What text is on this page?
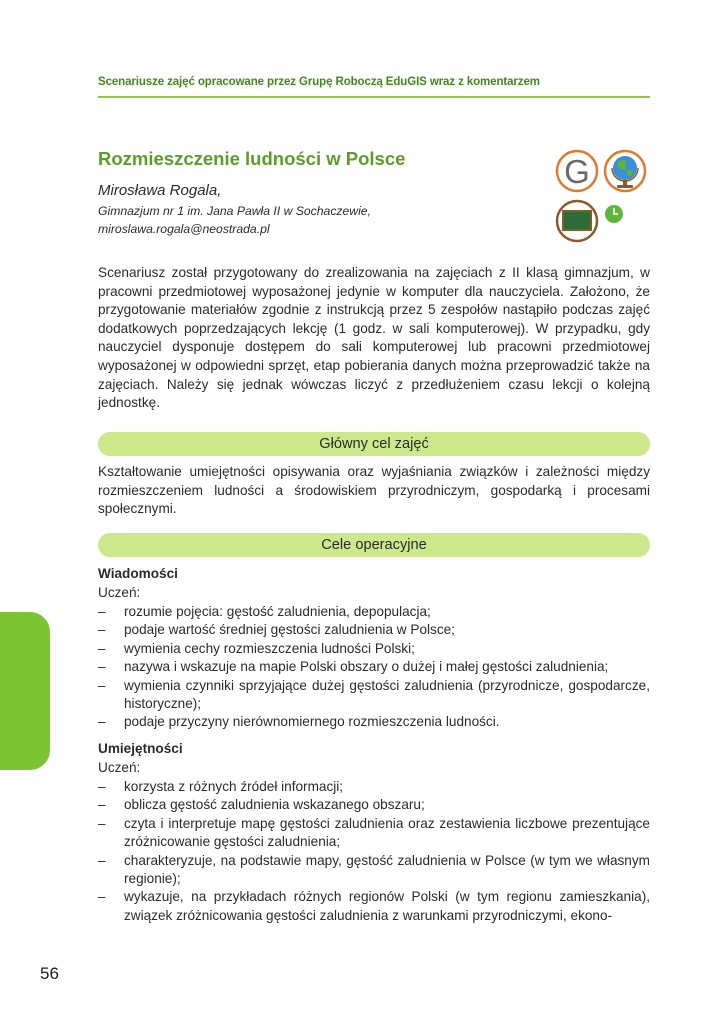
Scenariusze zajęć opracowane przez Grupę Roboczą EduGIS wraz z komentarzem
Rozmieszczenie ludności w Polsce
Mirosława Rogala,
Gimnazjum nr 1 im. Jana Pawła II w Sochaczewie,
miroslawa.rogala@neostrada.pl
G
Scenariusz został przygotowany do zrealizowania na zajęciach z II klasą gimnazjum, w pracowni przedmiotowej wyposażonej jedynie w komputer dla nauczyciela. Założono, że przygotowanie materiałów zgodnie z instrukcją przez 5 zespołów nastąpiło podczas zajęć dodatkowych poprzedzających lekcję (1 godz. w sali komputerowej). W przypadku, gdy nauczyciel dysponuje dostępem do sali komputerowej lub pracowni przedmiotowej wyposażonej w odpowiedni sprzęt, etap pobierania danych można przeprowadzić także na zajęciach. Należy się jednak wówczas liczyć z przedłużeniem czasu lekcji o kolejną jednostkę.
Główny cel zajęć
Kształtowanie umiejętności opisywania oraz wyjaśniania związków i zależności między rozmieszczeniem ludności a środowiskiem przyrodniczym, gospodarką i procesami społecznymi.
Cele operacyjne
Wiadomości
Uczeń:
– rozumie pojęcia: gęstość zaludnienia, depopulacja;
– podaje wartość średniej gęstości zaludnienia w Polsce;
– wymienia cechy rozmieszczenia ludności Polski;
– nazywa i wskazuje na mapie Polski obszary o dużej i małej gęstości zaludnienia;
– wymienia czynniki sprzyjające dużej gęstości zaludnienia (przyrodnicze, gospodarcze, historyczne);
– podaje przyczyny nierównomiernego rozmieszczenia ludności.
Umiejętności
Uczeń:
– korzysta z różnych źródeł informacji;
– oblicza gęstość zaludnienia wskazanego obszaru;
– czyta i interpretuje mapę gęstości zaludnienia oraz zestawienia liczbowe prezentujące zróżnicowanie gęstości zaludnienia;
– charakteryzuje, na podstawie mapy, gęstość zaludnienia w Polsce (w tym we własnym regionie);
– wykazuje, na przykładach różnych regionów Polski (w tym regionu zamieszkania), związek zróżnicowania gęstości zaludnienia z warunkami przyrodniczymi, ekono-
56
